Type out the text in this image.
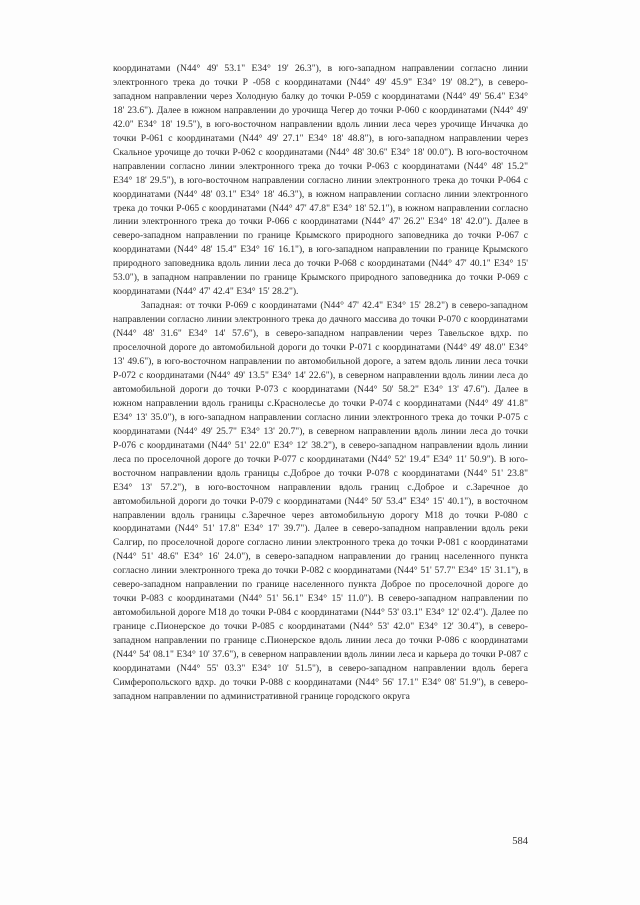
координатами (N44° 49' 53.1" E34° 19' 26.3"), в юго-западном направлении согласно линии электронного трека до точки Р -058 с координатами (N44° 49' 45.9" E34° 19' 08.2"), в северо-западном направлении через Холодную балку до точки Р-059 с координатами (N44° 49' 56.4" E34° 18' 23.6"). Далее в южном направлении до урочища Чегер до точки Р-060 с координатами (N44° 49' 42.0" E34° 18' 19.5"), в юго-восточном направлении вдоль линии леса через урочище Инчачка до точки Р-061 с координатами (N44° 49' 27.1" E34° 18' 48.8"), в юго-западном направлении через Скальное урочище до точки Р-062 с координатами (N44° 48' 30.6" E34° 18' 00.0"). В юго-восточном направлении согласно линии электронного трека до точки Р-063 с координатами (N44° 48' 15.2" E34° 18' 29.5"), в юго-восточном направлении согласно линии электронного трека до точки Р-064 с координатами (N44° 48' 03.1" E34° 18' 46.3"), в южном направлении согласно линии электронного трека до точки Р-065 с координатами (N44° 47' 47.8" E34° 18' 52.1"), в южном направлении согласно линии электронного трека до точки Р-066 с координатами (N44° 47' 26.2" E34° 18' 42.0"). Далее в северо-западном направлении по границе Крымского природного заповедника до точки Р-067 с координатами (N44° 48' 15.4" E34° 16' 16.1"), в юго-западном направлении по границе Крымского природного заповедника вдоль линии леса до точки Р-068 с координатами (N44° 47' 40.1" E34° 15' 53.0"), в западном направлении по границе Крымского природного заповедника до точки Р-069 с координатами (N44° 47' 42.4" E34° 15' 28.2").

Западная: от точки Р-069 с координатами (N44° 47' 42.4" E34° 15' 28.2") в северо-западном направлении согласно линии электронного трека до дачного массива до точки Р-070 с координатами (N44° 48' 31.6" E34° 14' 57.6"), в северо-западном направлении через Тавельское вдхр. по проселочной дороге до автомобильной дороги до точки Р-071 с координатами (N44° 49' 48.0" E34° 13' 49.6"), в юго-восточном направлении по автомобильной дороге, а затем вдоль линии леса точки Р-072 с координатами (N44° 49' 13.5" E34° 14' 22.6"), в северном направлении вдоль линии леса до автомобильной дороги до точки Р-073 с координатами (N44° 50' 58.2" E34° 13' 47.6"). Далее в южном направлении вдоль границы с.Краснолесье до точки Р-074 с координатами (N44° 49' 41.8" E34° 13' 35.0"), в юго-западном направлении согласно линии электронного трека до точки Р-075 с координатами (N44° 49' 25.7" E34° 13' 20.7"), в северном направлении вдоль линии леса до точки Р-076 с координатами (N44° 51' 22.0" E34° 12' 38.2"), в северо-западном направлении вдоль линии леса по проселочной дороге до точки Р-077 с координатами (N44° 52' 19.4" E34° 11' 50.9"). В юго-восточном направлении вдоль границы с.Доброе до точки Р-078 с координатами (N44° 51' 23.8" E34° 13' 57.2"), в юго-восточном направлении вдоль границ с.Доброе и с.Заречное до автомобильной дороги до точки Р-079 с координатами (N44° 50' 53.4" E34° 15' 40.1"), в восточном направлении вдоль границы с.Заречное через автомобильную дорогу М18 до точки Р-080 с координатами (N44° 51' 17.8" E34° 17' 39.7"). Далее в северо-западном направлении вдоль реки Салгир, по проселочной дороге согласно линии электронного трека до точки Р-081 с координатами (N44° 51' 48.6" E34° 16' 24.0"), в северо-западном направлении до границ населенного пункта согласно линии электронного трека до точки Р-082 с координатами (N44° 51' 57.7" E34° 15' 31.1"), в северо-западном направлении по границе населенного пункта Доброе по проселочной дороге до точки Р-083 с координатами (N44° 51' 56.1" E34° 15' 11.0"). В северо-западном направлении по автомобильной дороге М18 до точки Р-084 с координатами (N44° 53' 03.1" E34° 12' 02.4"). Далее по границе с.Пионерское до точки Р-085 с координатами (N44° 53' 42.0" E34° 12' 30.4"), в северо-западном направлении по границе с.Пионерское вдоль линии леса до точки Р-086 с координатами (N44° 54' 08.1" E34° 10' 37.6"), в северном направлении вдоль линии леса и карьера до точки Р-087 с координатами (N44° 55' 03.3" E34° 10' 51.5"), в северо-западном направлении вдоль берега Симферопольского вдхр. до точки Р-088 с координатами (N44° 56' 17.1" E34° 08' 51.9"), в северо-западном направлении по административной границе городского округа

584
